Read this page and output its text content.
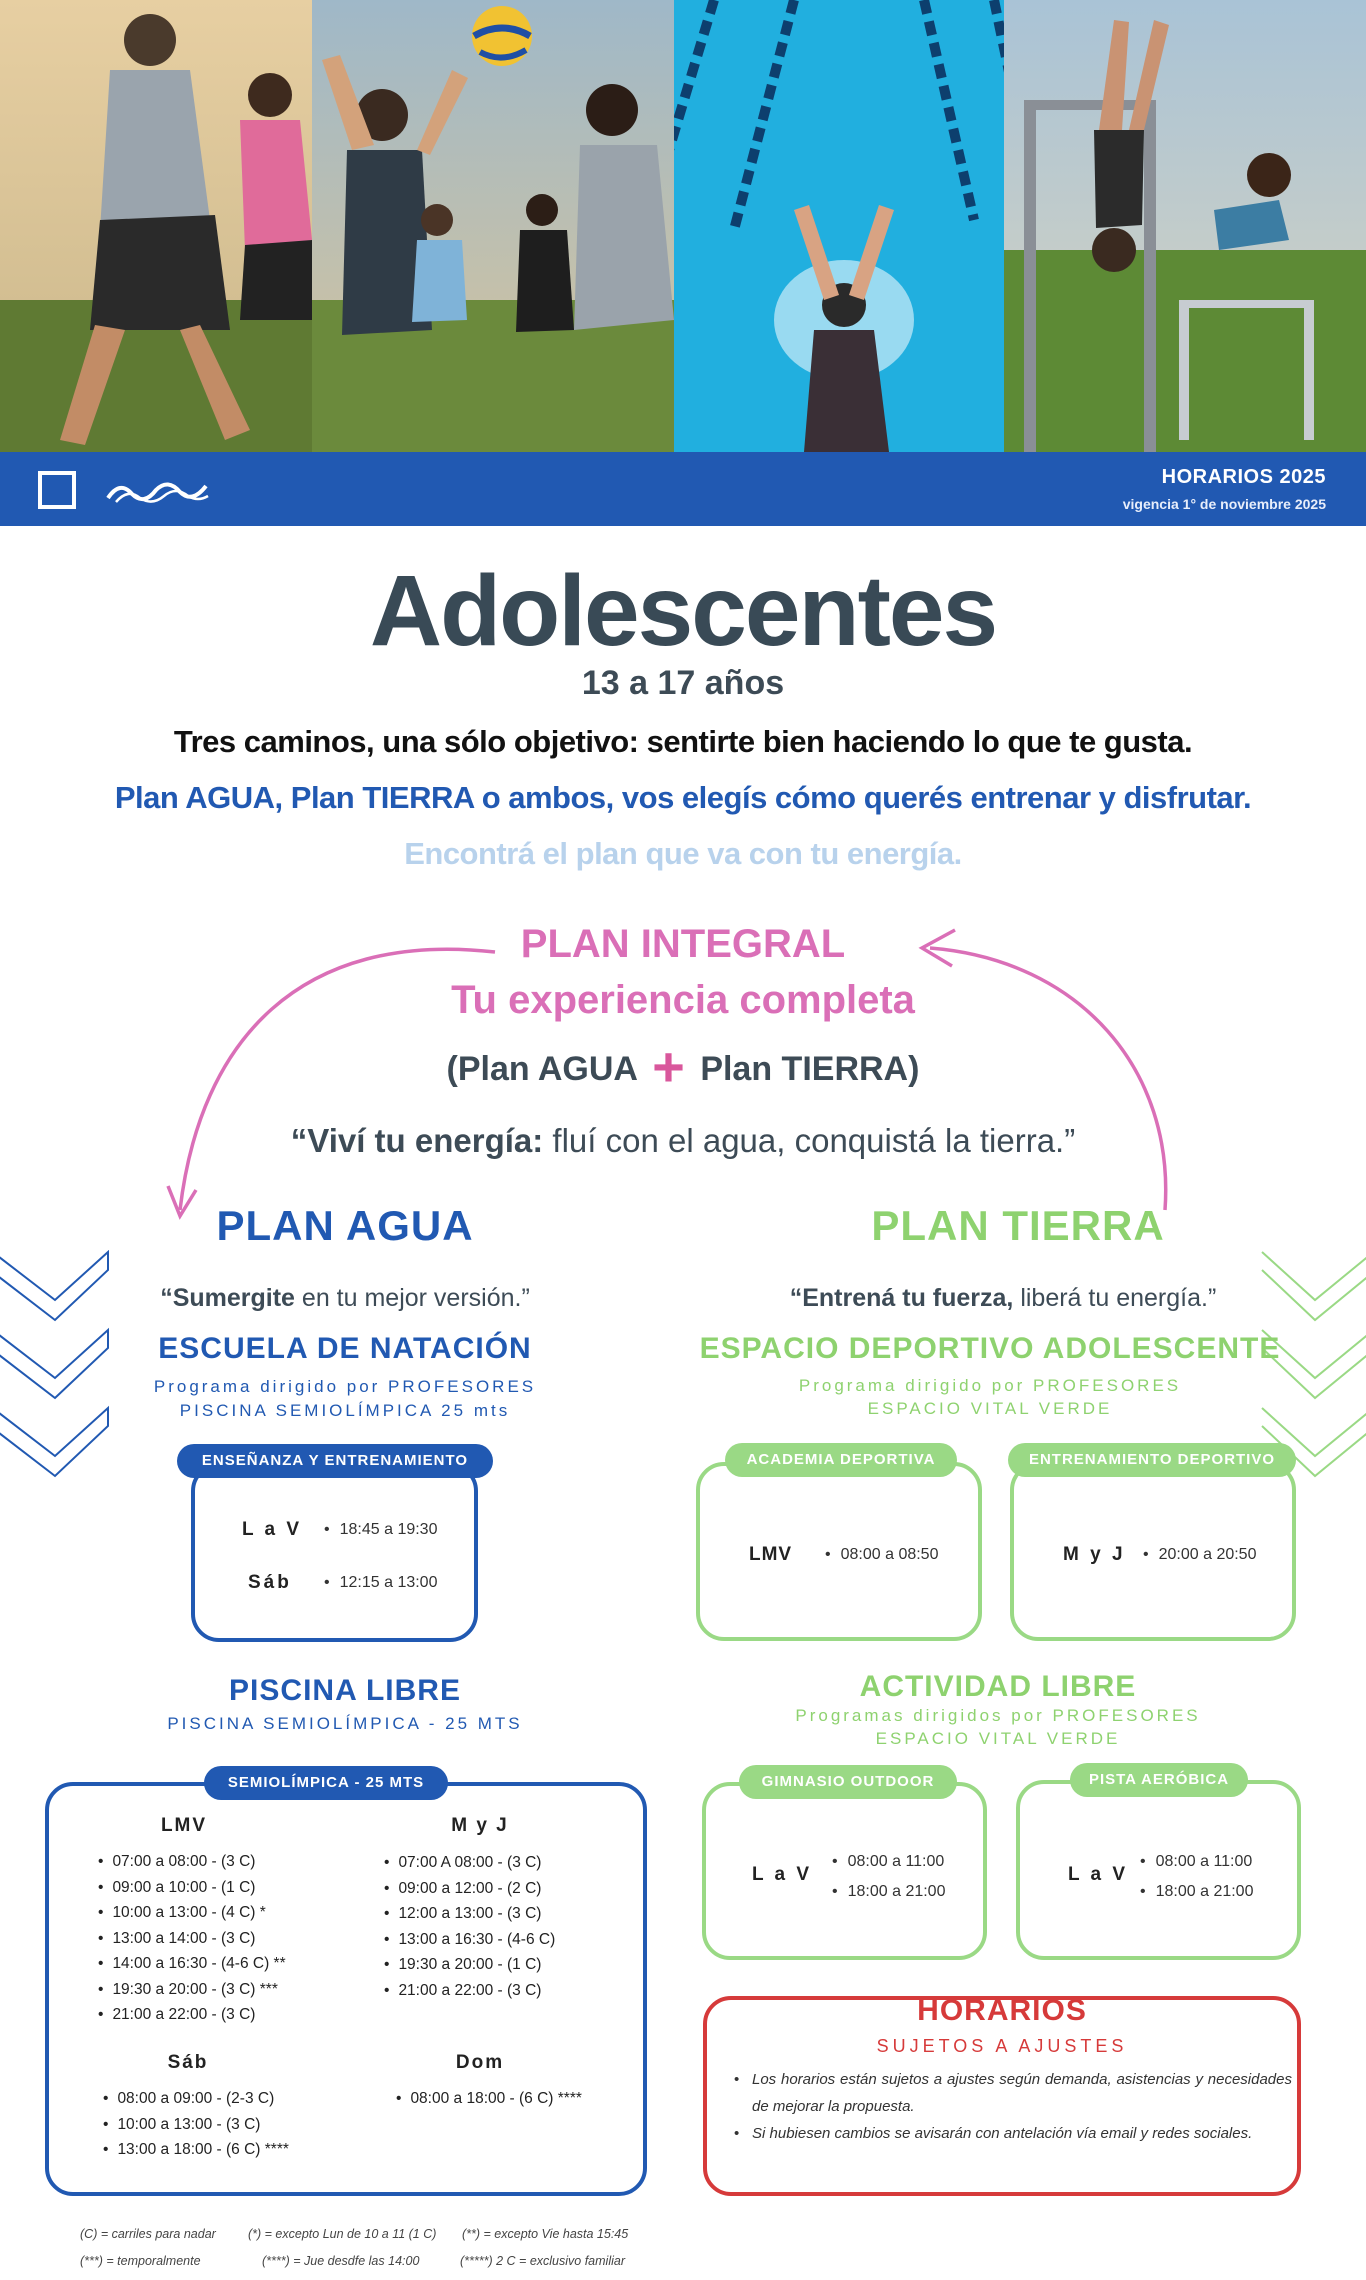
HORARIOS 2025
vigencia 1° de noviembre 2025
Adolescentes
13 a 17 años
Tres caminos, una sólo objetivo: sentirte bien haciendo lo que te gusta.
Plan AGUA, Plan TIERRA o ambos, vos elegís cómo querés entrenar y disfrutar.
Encontrá el plan que va con tu energía.
PLAN INTEGRAL
Tu experiencia completa
(Plan AGUA + Plan TIERRA)
“Viví tu energía: fluí con el agua, conquistá la tierra.”
PLAN AGUA
“Sumergite en tu mejor versión.”
ESCUELA DE NATACIÓN
Programa dirigido por PROFESORES
PISCINA SEMIOLÍMPICA 25 mts
ENSEÑANZA Y ENTRENAMIENTO
L a V	• 18:45 a 19:30
Sáb	• 12:15 a 13:00
PISCINA LIBRE
PISCINA SEMIOLÍMPICA - 25 MTS
SEMIOLÍMPICA - 25 MTS
LMV
• 07:00 a 08:00 - (3 C)
• 09:00 a 10:00 - (1 C)
• 10:00 a 13:00 - (4 C) *
• 13:00 a 14:00 - (3 C)
• 14:00 a 16:30 - (4-6 C) **
• 19:30 a 20:00 - (3 C) ***
• 21:00 a 22:00 - (3 C)
M y J
• 07:00 A 08:00 - (3 C)
• 09:00 a 12:00 - (2 C)
• 12:00 a 13:00 - (3 C)
• 13:00 a 16:30 - (4-6 C)
• 19:30 a 20:00 - (1 C)
• 21:00 a 22:00 - (3 C)
Sáb
• 08:00 a 09:00 - (2-3 C)
• 10:00 a 13:00 - (3 C)
• 13:00 a 18:00 - (6 C) ****
Dom
• 08:00 a 18:00 - (6 C) ****
PLAN TIERRA
“Entrená tu fuerza, liberá tu energía.”
ESPACIO DEPORTIVO ADOLESCENTE
Programa dirigido por PROFESORES
ESPACIO VITAL VERDE
ACADEMIA DEPORTIVA
LMV	• 08:00 a 08:50
ENTRENAMIENTO DEPORTIVO
M y J	• 20:00 a 20:50
ACTIVIDAD LIBRE
Programas dirigidos por PROFESORES
ESPACIO VITAL VERDE
GIMNASIO OUTDOOR
L a V
• 08:00 a 11:00
• 18:00 a 21:00
PISTA AERÓBICA
L a V
• 08:00 a 11:00
• 18:00 a 21:00
HORARIOS
SUJETOS A AJUSTES
• Los horarios están sujetos a ajustes según demanda, asistencias y necesidades de mejorar la propuesta.
• Si hubiesen cambios se avisarán con antelación vía email y redes sociales.
(C) = carriles para nadar	(*) = excepto Lun de 10 a 11 (1 C) (**) = excepto Vie hasta 15:45
(***) = temporalmente	(****) = Jue desdfe las 14:00	(*****) 2 C = exclusivo familiar
